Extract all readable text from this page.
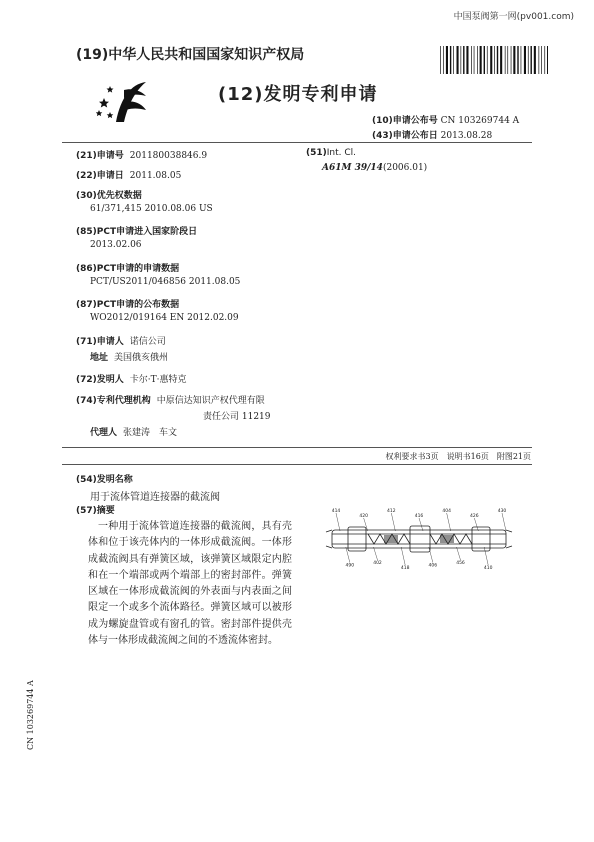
中国泵阀第一网(pv001.com)
(19)中华人民共和国国家知识产权局
(12)发明专利申请
(10)申请公布号 CN 103269744 A
(43)申请公布日 2013.08.28
(21)申请号 201180038846.9
(22)申请日 2011.08.05
(30)优先权数据
61/371,415 2010.08.06 US
(85)PCT申请进入国家阶段日
2013.02.06
(86)PCT申请的申请数据
PCT/US2011/046856 2011.08.05
(87)PCT申请的公布数据
WO2012/019164 EN 2012.02.09
(71)申请人 诺信公司
地址 美国俄亥俄州
(72)发明人 卡尔·T·惠特克
(74)专利代理机构 中原信达知识产权代理有限
责任公司 11219
代理人 张建涛　车文
(51)Int. Cl.
A61M 39/14(2006.01)
权利要求书3页　说明书16页　附图21页
(54)发明名称
用于流体管道连接器的截流阀
(57)摘要
一种用于流体管道连接器的截流阀，具有壳体和位于该壳体内的一体形成截流阀。一体形成截流阀具有弹簧区域，该弹簧区域限定内腔和在一个端部或两个端部上的密封部件。弹簧区域在一体形成截流阀的外表面与内表面之间限定一个或多个流体路径。弹簧区域可以被形成为螺旋盘管或有窗孔的管。密封部件提供壳体与一体形成截流阀之间的不透流体密封。
414
490
420
402
412
418
416
406
404
456
426
410
430
CN 103269744 A
